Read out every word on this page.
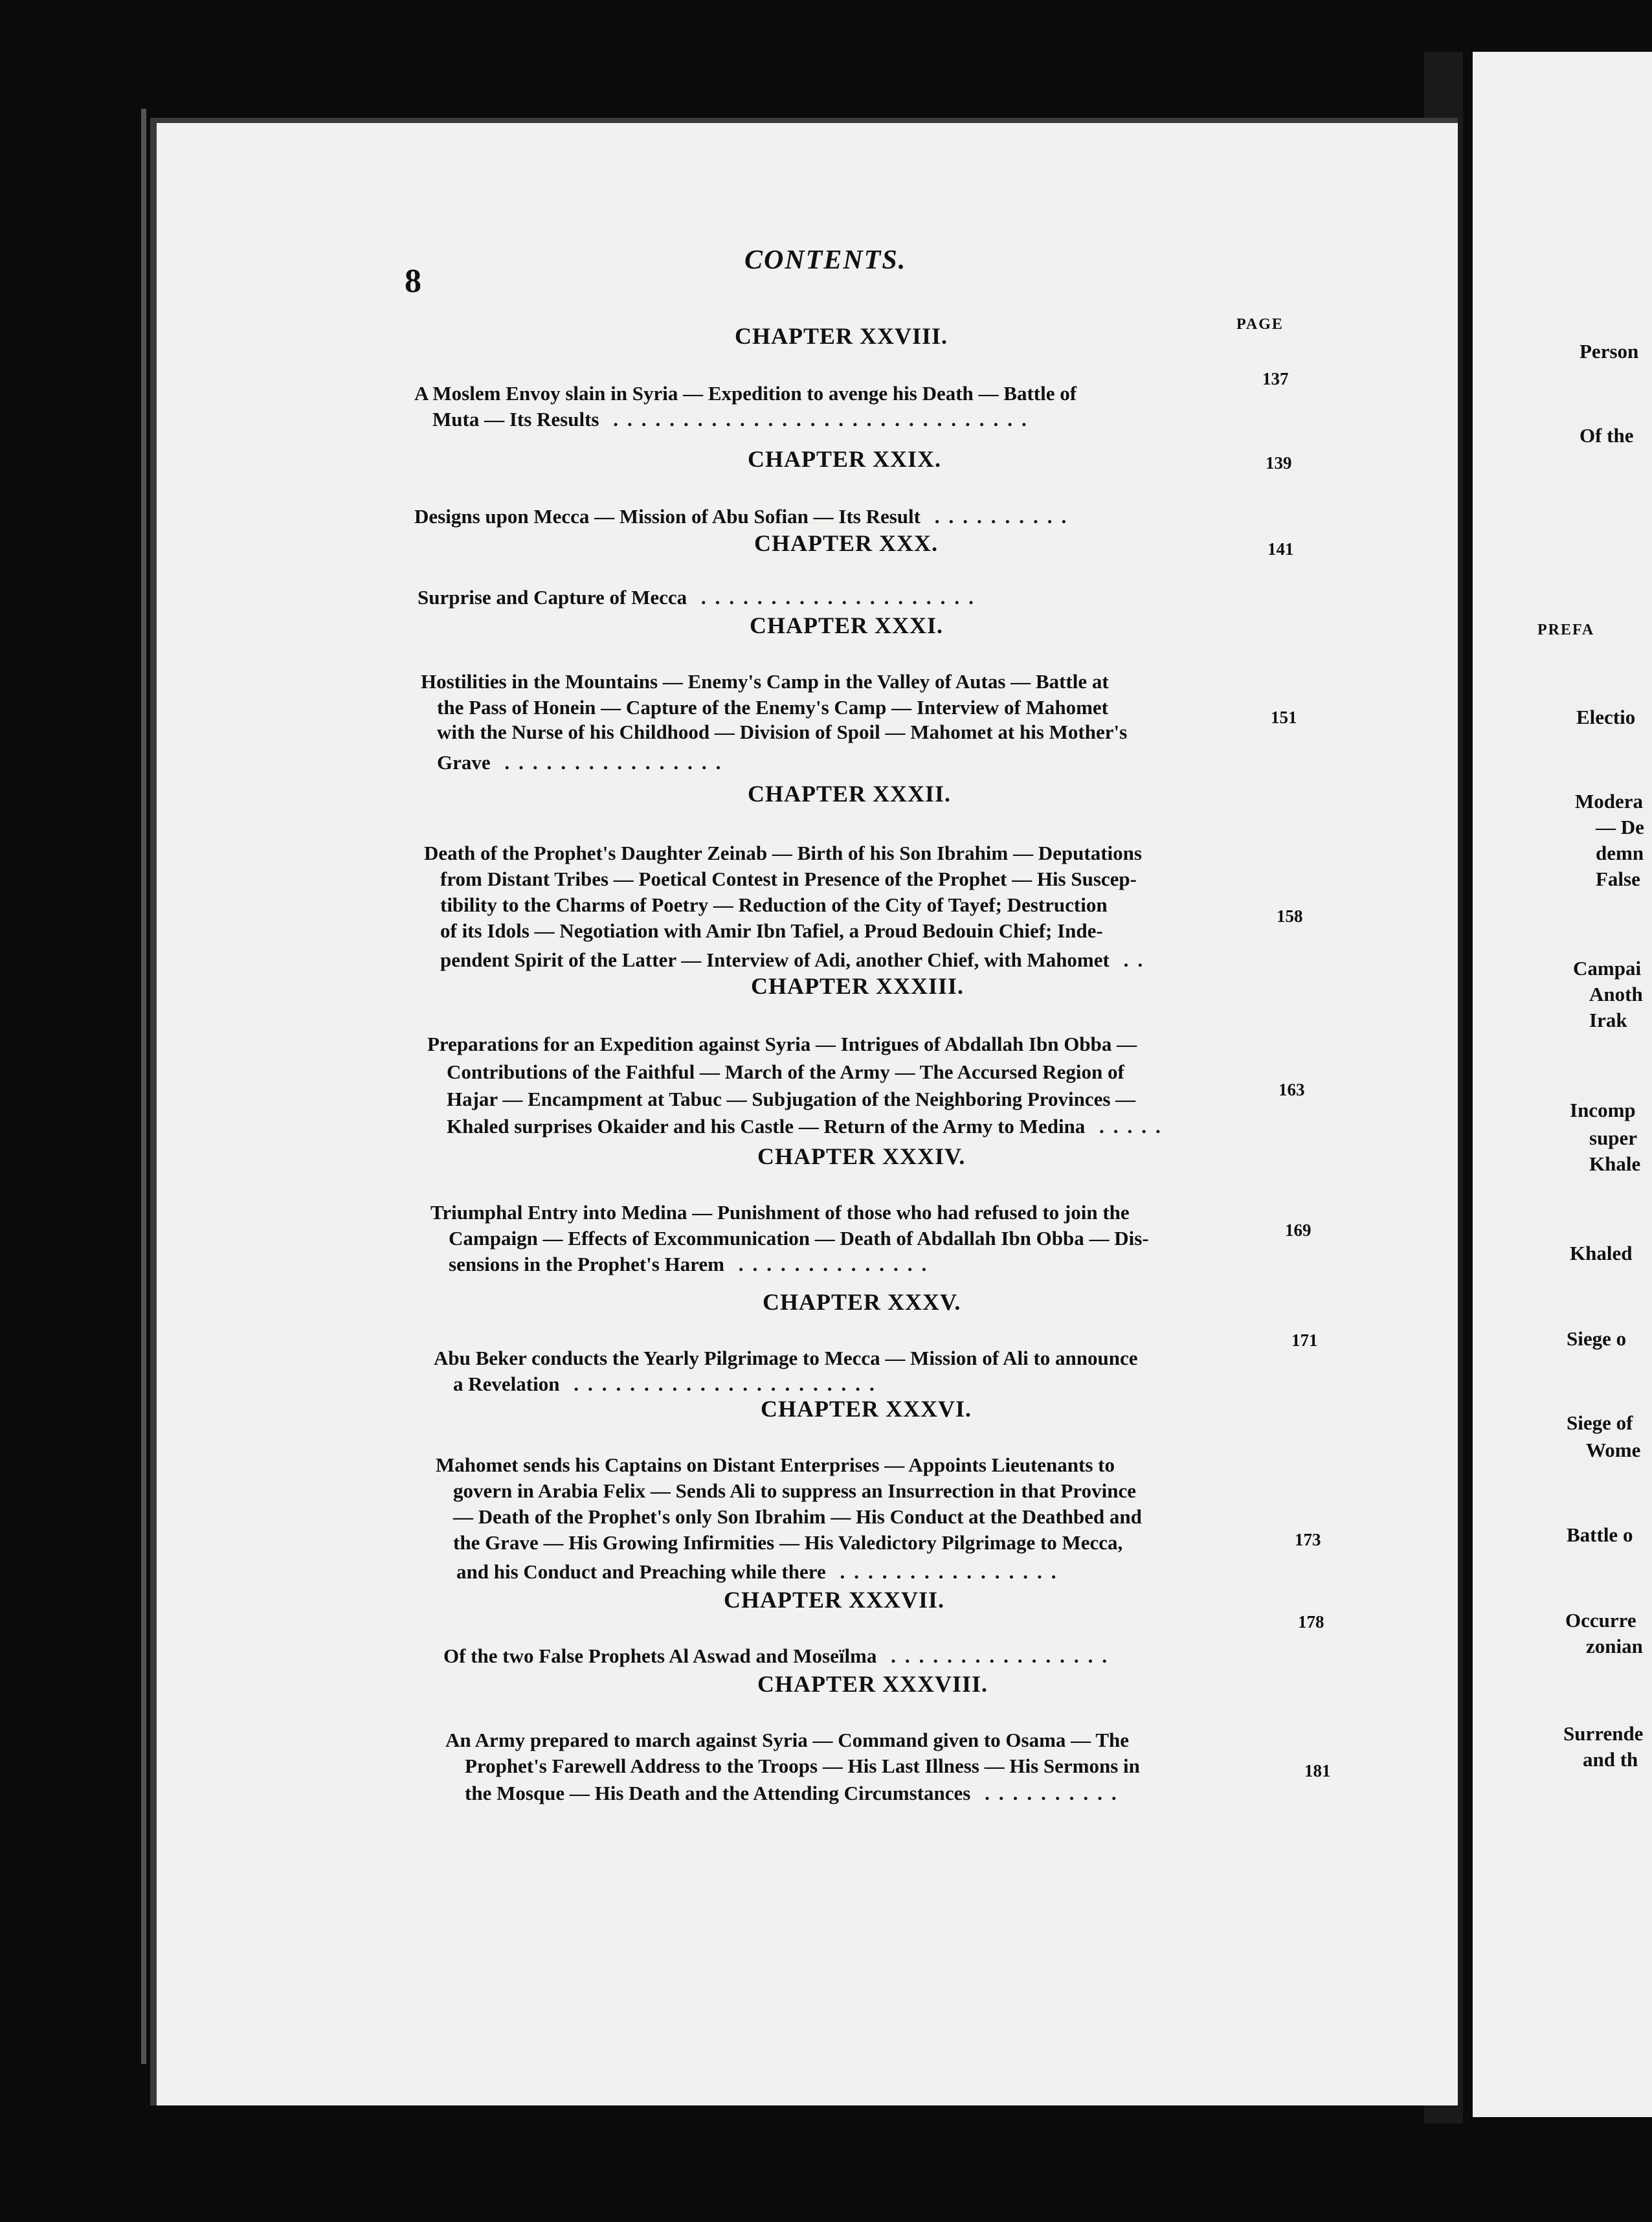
8
CONTENTS.
PAGE
CHAPTER XXVIII.
A Moslem Envoy slain in Syria — Expedition to avenge his Death — Battle of
Muta — Its Results ..............................
137
CHAPTER XXIX.
Designs upon Mecca — Mission of Abu Sofian — Its Result ..........
139
CHAPTER XXX.
Surprise and Capture of Mecca ....................
141
CHAPTER XXXI.
Hostilities in the Mountains — Enemy's Camp in the Valley of Autas — Battle at
the Pass of Honein — Capture of the Enemy's Camp — Interview of Mahomet
with the Nurse of his Childhood — Division of Spoil — Mahomet at his Mother's
Grave ................
151
CHAPTER XXXII.
Death of the Prophet's Daughter Zeinab — Birth of his Son Ibrahim — Deputations
from Distant Tribes — Poetical Contest in Presence of the Prophet — His Suscep-
tibility to the Charms of Poetry — Reduction of the City of Tayef; Destruction
of its Idols — Negotiation with Amir Ibn Tafiel, a Proud Bedouin Chief; Inde-
pendent Spirit of the Latter — Interview of Adi, another Chief, with Mahomet ..
158
CHAPTER XXXIII.
Preparations for an Expedition against Syria — Intrigues of Abdallah Ibn Obba —
Contributions of the Faithful — March of the Army — The Accursed Region of
Hajar — Encampment at Tabuc — Subjugation of the Neighboring Provinces —
Khaled surprises Okaider and his Castle — Return of the Army to Medina .....
163
CHAPTER XXXIV.
Triumphal Entry into Medina — Punishment of those who had refused to join the
Campaign — Effects of Excommunication — Death of Abdallah Ibn Obba — Dis-
sensions in the Prophet's Harem ..............
169
CHAPTER XXXV.
Abu Beker conducts the Yearly Pilgrimage to Mecca — Mission of Ali to announce
a Revelation ......................
171
CHAPTER XXXVI.
Mahomet sends his Captains on Distant Enterprises — Appoints Lieutenants to
govern in Arabia Felix — Sends Ali to suppress an Insurrection in that Province
— Death of the Prophet's only Son Ibrahim — His Conduct at the Deathbed and
the Grave — His Growing Infirmities — His Valedictory Pilgrimage to Mecca,
and his Conduct and Preaching while there ................
173
CHAPTER XXXVII.
Of the two False Prophets Al Aswad and Moseïlma ................
178
CHAPTER XXXVIII.
An Army prepared to march against Syria — Command given to Osama — The
Prophet's Farewell Address to the Troops — His Last Illness — His Sermons in
the Mosque — His Death and the Attending Circumstances ..........
181
Person
Of the
PREFA
Electio
Modera
— De
demn
False
Campai
Anoth
Irak
Incomp
super
Khale
Khaled
Siege o
Siege of
Wome
Battle o
Occurre
zonian
Surrende
and th
